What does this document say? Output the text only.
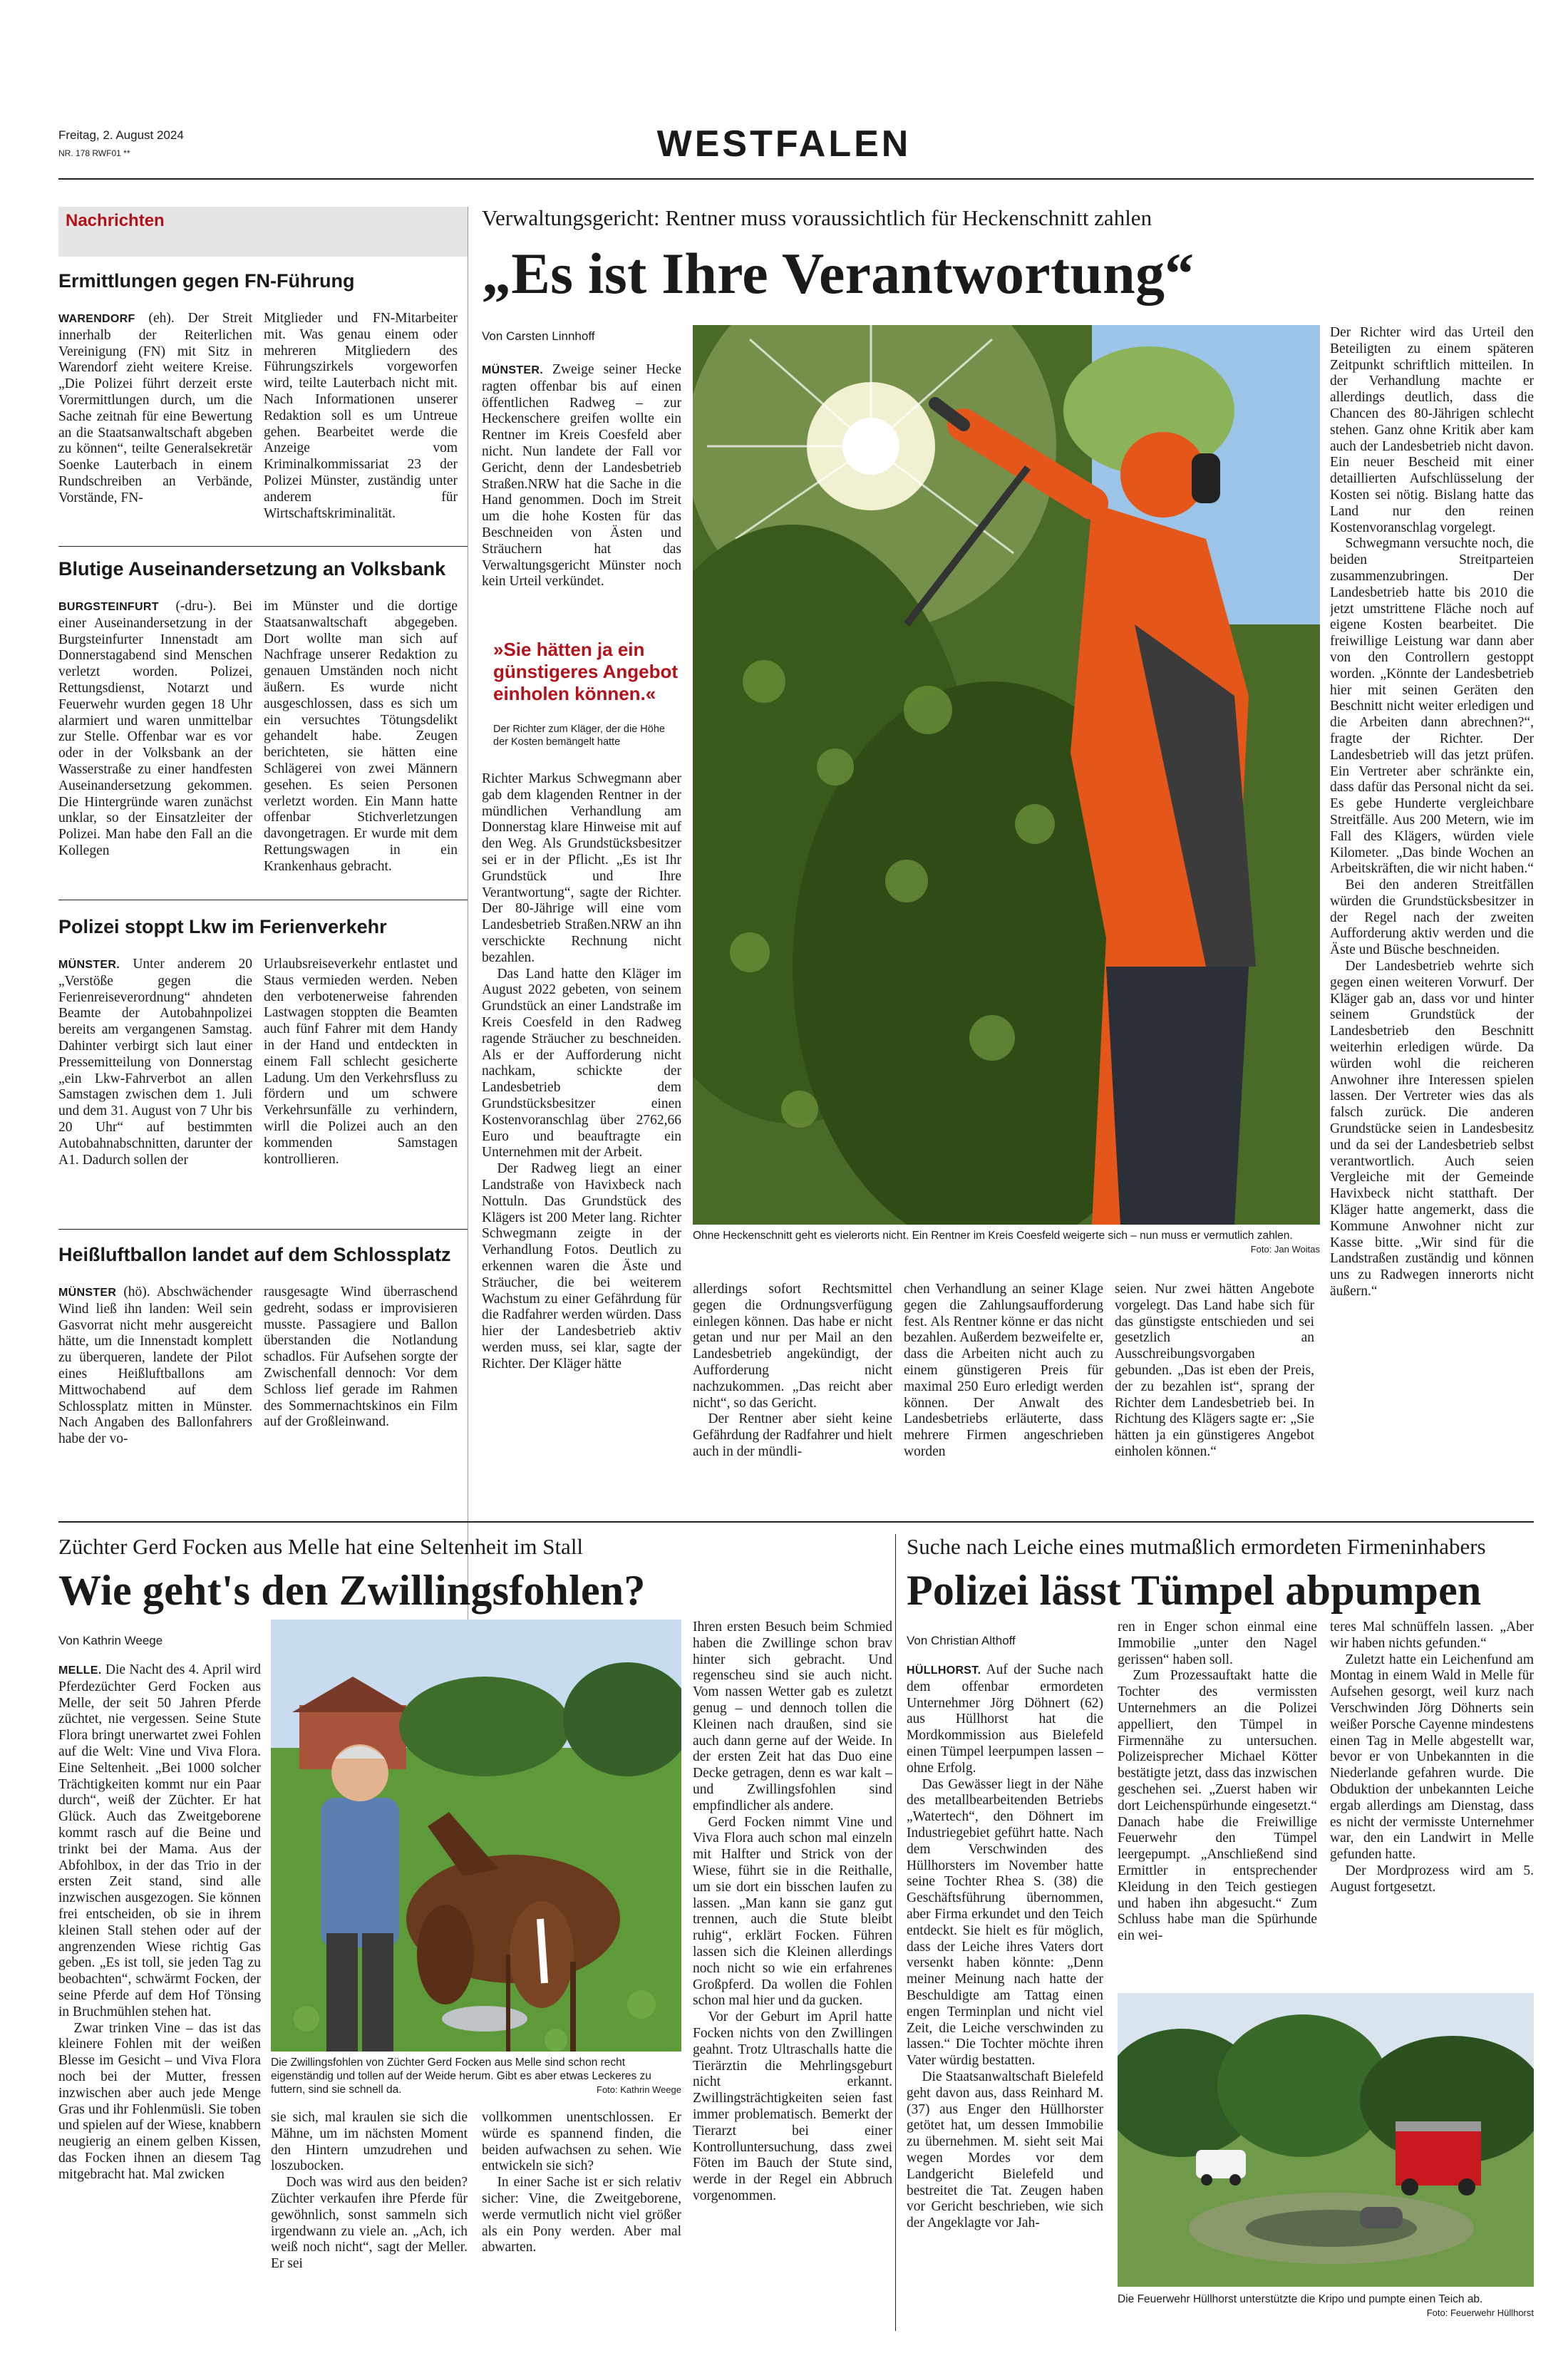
Freitag, 2. August 2024
NR. 178 RWF01 **	WESTFALEN
Nachrichten
Ermittlungen gegen FN-Führung

WARENDORF (eh). Der Streit innerhalb der Reiterlichen Vereinigung (FN) mit Sitz in Warendorf zieht weitere Kreise. „Die Polizei führt derzeit erste Vorermittlungen durch, um die Sache zeitnah für eine Bewertung an die Staatsanwaltschaft abgeben zu können“, teilte Generalsekretär Soenke Lauterbach in einem Rundschreiben an Verbände, Vorstände, FN-

Mitglieder und FN-Mitarbeiter mit. Was genau einem oder mehreren Mitgliedern des Führungszirkels vorgeworfen wird, teilte Lauterbach nicht mit. Nach Informationen unserer Redaktion soll es um Untreue gehen. Bearbeitet werde die Anzeige vom Kriminalkommissariat 23 der Polizei Münster, zuständig unter anderem für Wirtschaftskriminalität.
Blutige Auseinandersetzung an Volksbank

BURGSTEINFURT (-dru-). Bei einer Auseinandersetzung in der Burgsteinfurter Innenstadt am Donnerstagabend sind Menschen verletzt worden. Polizei, Rettungsdienst, Notarzt und Feuerwehr wurden gegen 18 Uhr alarmiert und waren unmittelbar zur Stelle. Offenbar war es vor oder in der Volksbank an der Wasserstraße zu einer handfesten Auseinandersetzung gekommen. Die Hintergründe waren zunächst unklar, so der Einsatzleiter der Polizei. Man habe den Fall an die Kollegen

im Münster und die dortige Staatsanwaltschaft abgegeben. Dort wollte man sich auf Nachfrage unserer Redaktion zu genauen Umständen noch nicht äußern. Es wurde nicht ausgeschlossen, dass es sich um ein versuchtes Tötungsdelikt gehandelt habe. Zeugen berichteten, sie hätten eine Schlägerei von zwei Männern gesehen. Es seien Personen verletzt worden. Ein Mann hatte offenbar Stichverletzungen davongetragen. Er wurde mit dem Rettungswagen in ein Krankenhaus gebracht.
Polizei stoppt Lkw im Ferienverkehr

MÜNSTER. Unter anderem 20 „Verstöße gegen die Ferienreiseverordnung“ ahndeten Beamte der Autobahnpolizei bereits am vergangenen Samstag. Dahinter verbirgt sich laut einer Pressemitteilung von Donnerstag „ein Lkw-Fahrverbot an allen Samstagen zwischen dem 1. Juli und dem 31. August von 7 Uhr bis 20 Uhr“ auf bestimmten Autobahnabschnitten, darunter der A1. Dadurch sollen der

Urlaubsreiseverkehr entlastet und Staus vermieden werden. Neben den verbotenerweise fahrenden Lastwagen stoppten die Beamten auch fünf Fahrer mit dem Handy in der Hand und entdeckten in einem Fall schlecht gesicherte Ladung. Um den Verkehrsfluss zu fördern und um schwere Verkehrsunfälle zu verhindern, wirll die Polizei auch an den kommenden Samstagen kontrollieren.
Heißluftballon landet auf dem Schlossplatz

MÜNSTER (hö). Abschwächender Wind ließ ihn landen: Weil sein Gasvorrat nicht mehr ausgereicht hätte, um die Innenstadt komplett zu überqueren, landete der Pilot eines Heißluftballons am Mittwochabend auf dem Schlossplatz mitten in Münster. Nach Angaben des Ballonfahrers habe der vo-

rausgesagte Wind überraschend gedreht, sodass er improvisieren musste. Passagiere und Ballon überstanden die Notlandung schadlos. Für Aufsehen sorgte der Zwischenfall dennoch: Vor dem Schloss lief gerade im Rahmen des Sommernachtskinos ein Film auf der Großleinwand.
Verwaltungsgericht: Rentner muss voraussichtlich für Heckenschnitt zahlen
„Es ist Ihre Verantwortung“
Von Carsten Linnhoff

MÜNSTER. Zweige seiner Hecke ragten offenbar bis auf einen öffentlichen Radweg – zur Heckenschere greifen wollte ein Rentner im Kreis Coesfeld aber nicht. Nun landete der Fall vor Gericht, denn der Landesbetrieb Straßen.NRW hat die Sache in die Hand genommen. Doch im Streit um die hohe Kosten für das Beschneiden von Ästen und Sträuchern hat das Verwaltungsgericht Münster noch kein Urteil verkündet.

»Sie hätten ja ein günstigeres Angebot einholen können.«
Der Richter zum Kläger, der die Höhe der Kosten bemängelt hatte

Richter Markus Schwegmann aber gab dem klagenden Rentner in der mündlichen Verhandlung am Donnerstag klare Hinweise mit auf den Weg. Als Grundstücksbesitzer sei er in der Pflicht. „Es ist Ihr Grundstück und Ihre Verantwortung“, sagte der Richter. Der 80-Jährige will eine vom Landesbetrieb Straßen.NRW an ihn verschickte Rechnung nicht bezahlen.

Das Land hatte den Kläger im August 2022 gebeten, von seinem Grundstück an einer Landstraße im Kreis Coesfeld in den Radweg ragende Sträucher zu beschneiden. Als er der Aufforderung nicht nachkam, schickte der Landesbetrieb dem Grundstücksbesitzer einen Kostenvoranschlag über 2762,66 Euro und beauftragte ein Unternehmen mit der Arbeit.

Der Radweg liegt an einer Landstraße von Havixbeck nach Nottuln. Das Grundstück des Klägers ist 200 Meter lang. Richter Schwegmann zeigte in der Verhandlung Fotos. Deutlich zu erkennen waren die Äste und Sträucher, die bei weiterem Wachstum zu einer Gefährdung für die Radfahrer werden würden. Dass hier der Landesbetrieb aktiv werden muss, sei klar, sagte der Richter. Der Kläger hätte

Ohne Heckenschnitt geht es vielerorts nicht. Ein Rentner im Kreis Coesfeld weigerte sich – nun muss er vermutlich zahlen.
Foto: Jan Woitas

allerdings sofort Rechtsmittel gegen die Ordnungsverfügung einlegen können. Das habe er nicht getan und nur per Mail an den Landesbetrieb angekündigt, der Aufforderung nicht nachzukommen. „Das reicht aber nicht“, so das Gericht.

Der Rentner aber sieht keine Gefährdung der Radfahrer und hielt auch in der mündli-

chen Verhandlung an seiner Klage gegen die Zahlungsaufforderung fest. Als Rentner könne er das nicht bezahlen. Außerdem bezweifelte er, dass die Arbeiten nicht auch zu einem günstigeren Preis für maximal 250 Euro erledigt werden können. Der Anwalt des Landesbetriebs erläuterte, dass mehrere Firmen angeschrieben worden

seien. Nur zwei hätten Angebote vorgelegt. Das Land habe sich für das günstigste entschieden und sei gesetzlich an Ausschreibungsvorgaben gebunden. „Das ist eben der Preis, der zu bezahlen ist“, sprang der Richter dem Landesbetrieb bei. In Richtung des Klägers sagte er: „Sie hätten ja ein günstigeres Angebot einholen können.“

Der Richter wird das Urteil den Beteiligten zu einem späteren Zeitpunkt schriftlich mitteilen. In der Verhandlung machte er allerdings deutlich, dass die Chancen des 80-Jährigen schlecht stehen. Ganz ohne Kritik aber kam auch der Landesbetrieb nicht davon. Ein neuer Bescheid mit einer detaillierten Aufschlüsselung der Kosten sei nötig. Bislang hatte das Land nur den reinen Kostenvoranschlag vorgelegt.

Schwegmann versuchte noch, die beiden Streitparteien zusammenzubringen. Der Landesbetrieb hatte bis 2010 die jetzt umstrittene Fläche noch auf eigene Kosten bearbeitet. Die freiwillige Leistung war dann aber von den Controllern gestoppt worden. „Könnte der Landesbetrieb hier mit seinen Geräten den Beschnitt nicht weiter erledigen und die Arbeiten dann abrechnen?“, fragte der Richter. Der Landesbetrieb will das jetzt prüfen. Ein Vertreter aber schränkte ein, dass dafür das Personal nicht da sei. Es gebe Hunderte vergleichbare Streitfälle. Aus 200 Metern, wie im Fall des Klägers, würden viele Kilometer. „Das binde Wochen an Arbeitskräften, die wir nicht haben.“

Bei den anderen Streitfällen würden die Grundstücksbesitzer in der Regel nach der zweiten Aufforderung aktiv werden und die Äste und Büsche beschneiden.

Der Landesbetrieb wehrte sich gegen einen weiteren Vorwurf. Der Kläger gab an, dass vor und hinter seinem Grundstück der Landesbetrieb den Beschnitt weiterhin erledigen würde. Da würden wohl die reicheren Anwohner ihre Interessen spielen lassen. Der Vertreter wies das als falsch zurück. Die anderen Grundstücke seien in Landesbesitz und da sei der Landesbetrieb selbst verantwortlich. Auch seien Vergleiche mit der Gemeinde Havixbeck nicht statthaft. Der Kläger hatte angemerkt, dass die Kommune Anwohner nicht zur Kasse bitte. „Wir sind für die Landstraßen zuständig und können uns zu Radwegen innerorts nicht äußern.“

Züchter Gerd Focken aus Melle hat eine Seltenheit im Stall
Wie geht's den Zwillingsfohlen?
Von Kathrin Weege

MELLE. Die Nacht des 4. April wird Pferdezüchter Gerd Focken aus Melle, der seit 50 Jahren Pferde züchtet, nie vergessen. Seine Stute Flora bringt unerwartet zwei Fohlen auf die Welt: Vine und Viva Flora. Eine Seltenheit. „Bei 1000 solcher Trächtigkeiten kommt nur ein Paar durch“, weiß der Züchter. Er hat Glück. Auch das Zweitgeborene kommt rasch auf die Beine und trinkt bei der Mama. Aus der Abfohlbox, in der das Trio in der ersten Zeit stand, sind alle inzwischen ausgezogen. Sie können frei entscheiden, ob sie in ihrem kleinen Stall stehen oder auf der angrenzenden Wiese richtig Gas geben. „Es ist toll, sie jeden Tag zu beobachten“, schwärmt Focken, der seine Pferde auf dem Hof Tönsing in Bruchmühlen stehen hat.

Zwar trinken Vine – das ist das kleinere Fohlen mit der weißen Blesse im Gesicht – und Viva Flora noch bei der Mutter, fressen inzwischen aber auch jede Menge Gras und ihr Fohlenmüsli. Sie toben und spielen auf der Wiese, knabbern neugierig an einem gelben Kissen, das Focken ihnen an diesem Tag mitgebracht hat. Mal zwicken

Die Zwillingsfohlen von Züchter Gerd Focken aus Melle sind schon recht eigenständig und tollen auf der Weide herum. Gibt es aber etwas Leckeres zu futtern, sind sie schnell da.	Foto: Kathrin Weege

sie sich, mal kraulen sie sich die Mähne, um im nächsten Moment den Hintern umzudrehen und loszubocken.

Doch was wird aus den beiden? Züchter verkaufen ihre Pferde für gewöhnlich, sonst sammeln sich irgendwann zu viele an. „Ach, ich weiß noch nicht“, sagt der Meller. Er sei

vollkommen unentschlossen. Er würde es spannend finden, die beiden aufwachsen zu sehen. Wie entwickeln sie sich?

In einer Sache ist er sich relativ sicher: Vine, die Zweitgeborene, werde vermutlich nicht viel größer als ein Pony werden. Aber mal abwarten.

Ihren ersten Besuch beim Schmied haben die Zwillinge schon brav hinter sich gebracht. Und regenscheu sind sie auch nicht. Vom nassen Wetter gab es zuletzt genug – und dennoch tollen die Kleinen nach draußen, sind sie auch dann gerne auf der Weide. In der ersten Zeit hat das Duo eine Decke getragen, denn es war kalt – und Zwillingsfohlen sind empfindlicher als andere.

Gerd Focken nimmt Vine und Viva Flora auch schon mal einzeln mit Halfter und Strick von der Wiese, führt sie in die Reithalle, um sie dort ein bisschen laufen zu lassen. „Man kann sie ganz gut trennen, auch die Stute bleibt ruhig“, erklärt Focken. Führen lassen sich die Kleinen allerdings noch nicht so wie ein erfahrenes Großpferd. Da wollen die Fohlen schon mal hier und da gucken.

Vor der Geburt im April hatte Focken nichts von den Zwillingen geahnt. Trotz Ultraschalls hatte die Tierärztin die Mehrlingsgeburt nicht erkannt. Zwillingsträchtigkeiten seien fast immer problematisch. Bemerkt der Tierarzt bei einer Kontrolluntersuchung, dass zwei Föten im Bauch der Stute sind, werde in der Regel ein Abbruch vorgenommen.

Suche nach Leiche eines mutmaßlich ermordeten Firmeninhabers
Polizei lässt Tümpel abpumpen
Von Christian Althoff

HÜLLHORST. Auf der Suche nach dem offenbar ermordeten Unternehmer Jörg Döhnert (62) aus Hüllhorst hat die Mordkommission aus Bielefeld einen Tümpel leerpumpen lassen – ohne Erfolg.

Das Gewässer liegt in der Nähe des metallbearbeitenden Betriebs „Watertech“, den Döhnert im Industriegebiet geführt hatte. Nach dem Verschwinden des Hüllhorsters im November hatte seine Tochter Rhea S. (38) die Geschäftsführung übernommen, aber Firma erkundet und den Teich entdeckt. Sie hielt es für möglich, dass der Leiche ihres Vaters dort versenkt haben könnte: „Denn meiner Meinung nach hatte der Beschuldigte am Tattag einen engen Terminplan und nicht viel Zeit, die Leiche verschwinden zu lassen.“ Die Tochter möchte ihren Vater würdig bestatten.

Die Staatsanwaltschaft Bielefeld geht davon aus, dass Reinhard M. (37) aus Enger den Hüllhorster getötet hat, um dessen Immobilie zu übernehmen. M. sieht seit Mai wegen Mordes vor dem Landgericht Bielefeld und bestreitet die Tat. Zeugen haben vor Gericht beschrieben, wie sich der Angeklagte vor Jah-

ren in Enger schon einmal eine Immobilie „unter den Nagel gerissen“ haben soll.

Zum Prozessauftakt hatte die Tochter des vermissten Unternehmers an die Polizei appelliert, den Tümpel in Firmennähe zu untersuchen. Polizeisprecher Michael Kötter bestätigte jetzt, dass das inzwischen geschehen sei. „Zuerst haben wir dort Leichenspürhunde eingesetzt.“ Danach habe die Freiwillige Feuerwehr den Tümpel leergepumpt. „Anschließend sind Ermittler in entsprechender Kleidung in den Teich gestiegen und haben ihn abgesucht.“ Zum Schluss habe man die Spürhunde ein wei-

teres Mal schnüffeln lassen. „Aber wir haben nichts gefunden.“

Zuletzt hatte ein Leichenfund am Montag in einem Wald in Melle für Aufsehen gesorgt, weil kurz nach Verschwinden Jörg Döhnerts sein weißer Porsche Cayenne mindestens einen Tag in Melle abgestellt war, bevor er von Unbekannten in die Niederlande gefahren wurde. Die Obduktion der unbekannten Leiche ergab allerdings am Dienstag, dass es nicht der vermisste Unternehmer war, den ein Landwirt in Melle gefunden hatte.

Der Mordprozess wird am 5. August fortgesetzt.

Die Feuerwehr Hüllhorst unterstützte die Kripo und pumpte einen Teich ab.
Foto: Feuerwehr Hüllhorst
